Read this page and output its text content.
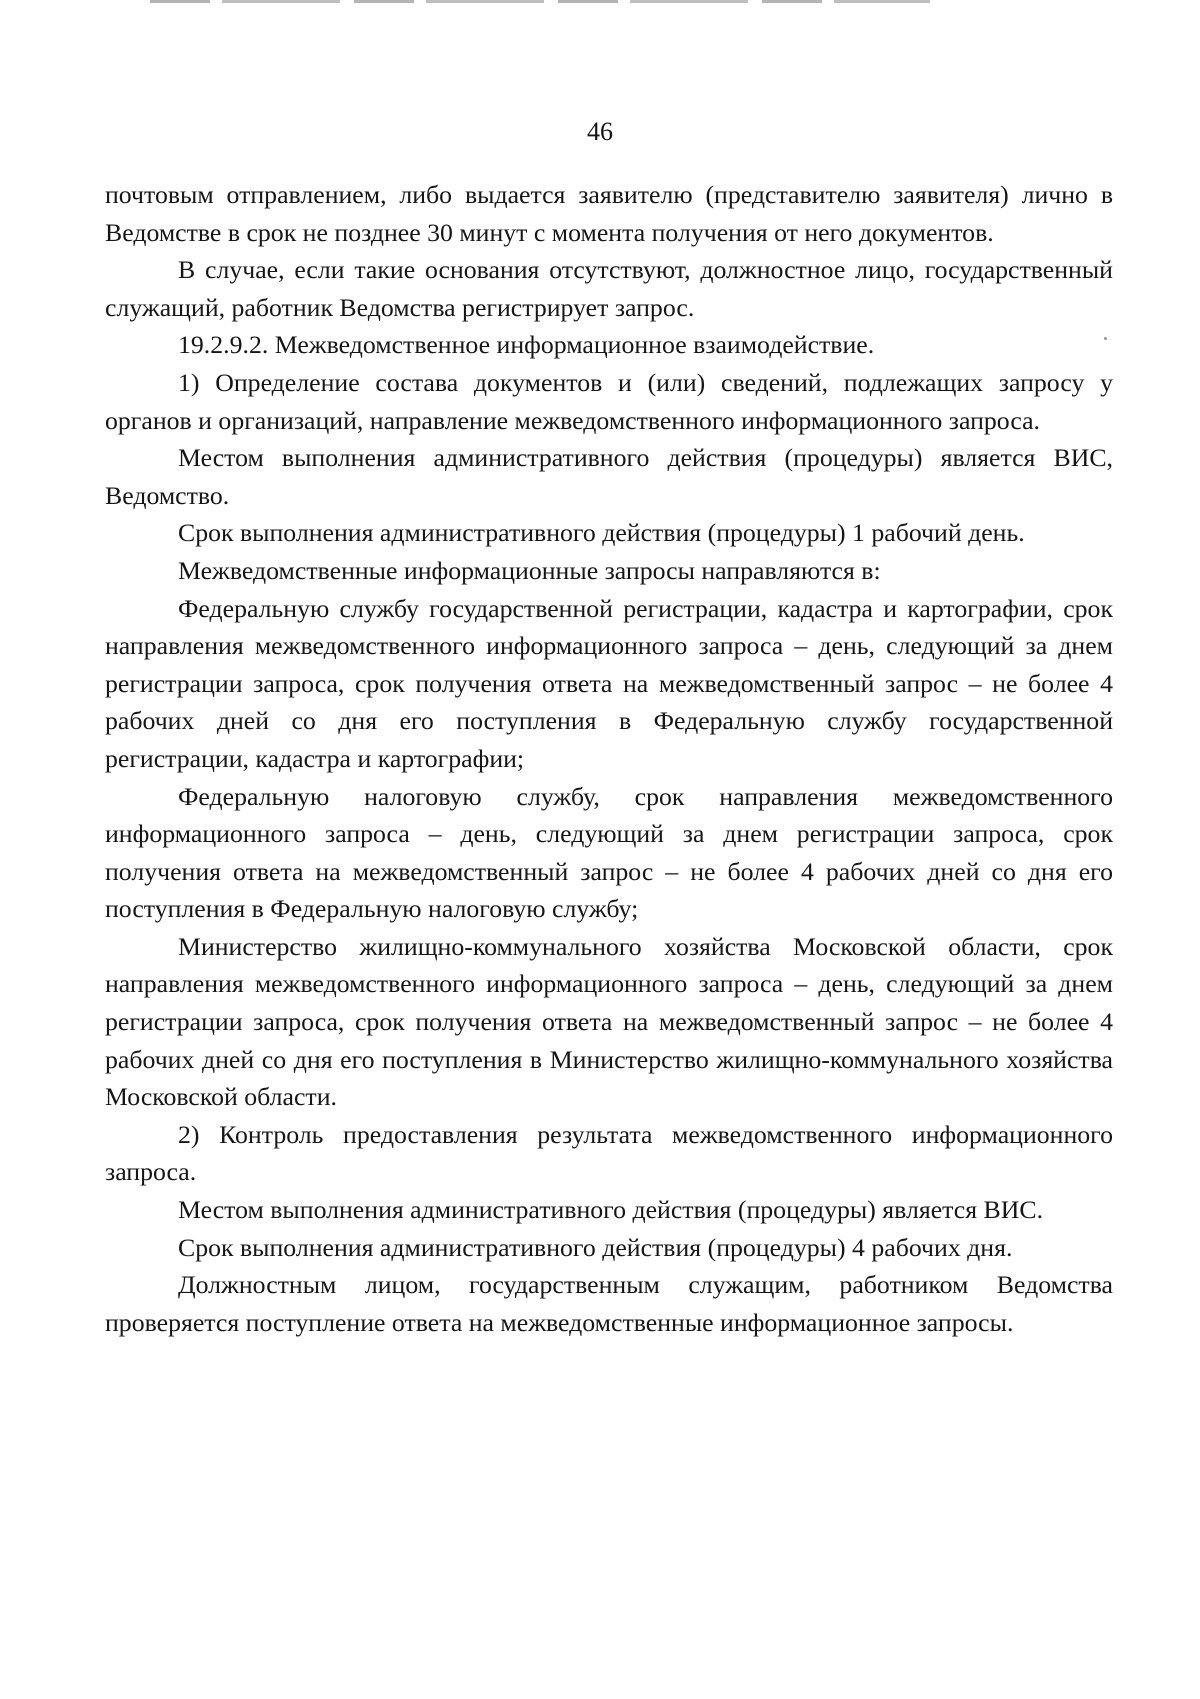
46

почтовым отправлением, либо выдается заявителю (представителю заявителя) лично в Ведомстве в срок не позднее 30 минут с момента получения от него документов.

В случае, если такие основания отсутствуют, должностное лицо, государственный служащий, работник Ведомства регистрирует запрос.

19.2.9.2. Межведомственное информационное взаимодействие.

1) Определение состава документов и (или) сведений, подлежащих запросу у органов и организаций, направление межведомственного информационного запроса.

Местом выполнения административного действия (процедуры) является ВИС, Ведомство.

Срок выполнения административного действия (процедуры) 1 рабочий день.

Межведомственные информационные запросы направляются в:

Федеральную службу государственной регистрации, кадастра и картографии, срок направления межведомственного информационного запроса – день, следующий за днем регистрации запроса, срок получения ответа на межведомственный запрос – не более 4 рабочих дней со дня его поступления в Федеральную службу государственной регистрации, кадастра и картографии;

Федеральную налоговую службу, срок направления межведомственного информационного запроса – день, следующий за днем регистрации запроса, срок получения ответа на межведомственный запрос – не более 4 рабочих дней со дня его поступления в Федеральную налоговую службу;

Министерство жилищно-коммунального хозяйства Московской области, срок направления межведомственного информационного запроса – день, следующий за днем регистрации запроса, срок получения ответа на межведомственный запрос – не более 4 рабочих дней со дня его поступления в Министерство жилищно-коммунального хозяйства Московской области.

2) Контроль предоставления результата межведомственного информационного запроса.

Местом выполнения административного действия (процедуры) является ВИС.

Срок выполнения административного действия (процедуры) 4 рабочих дня.

Должностным лицом, государственным служащим, работником Ведомства проверяется поступление ответа на межведомственные информационное запросы.
